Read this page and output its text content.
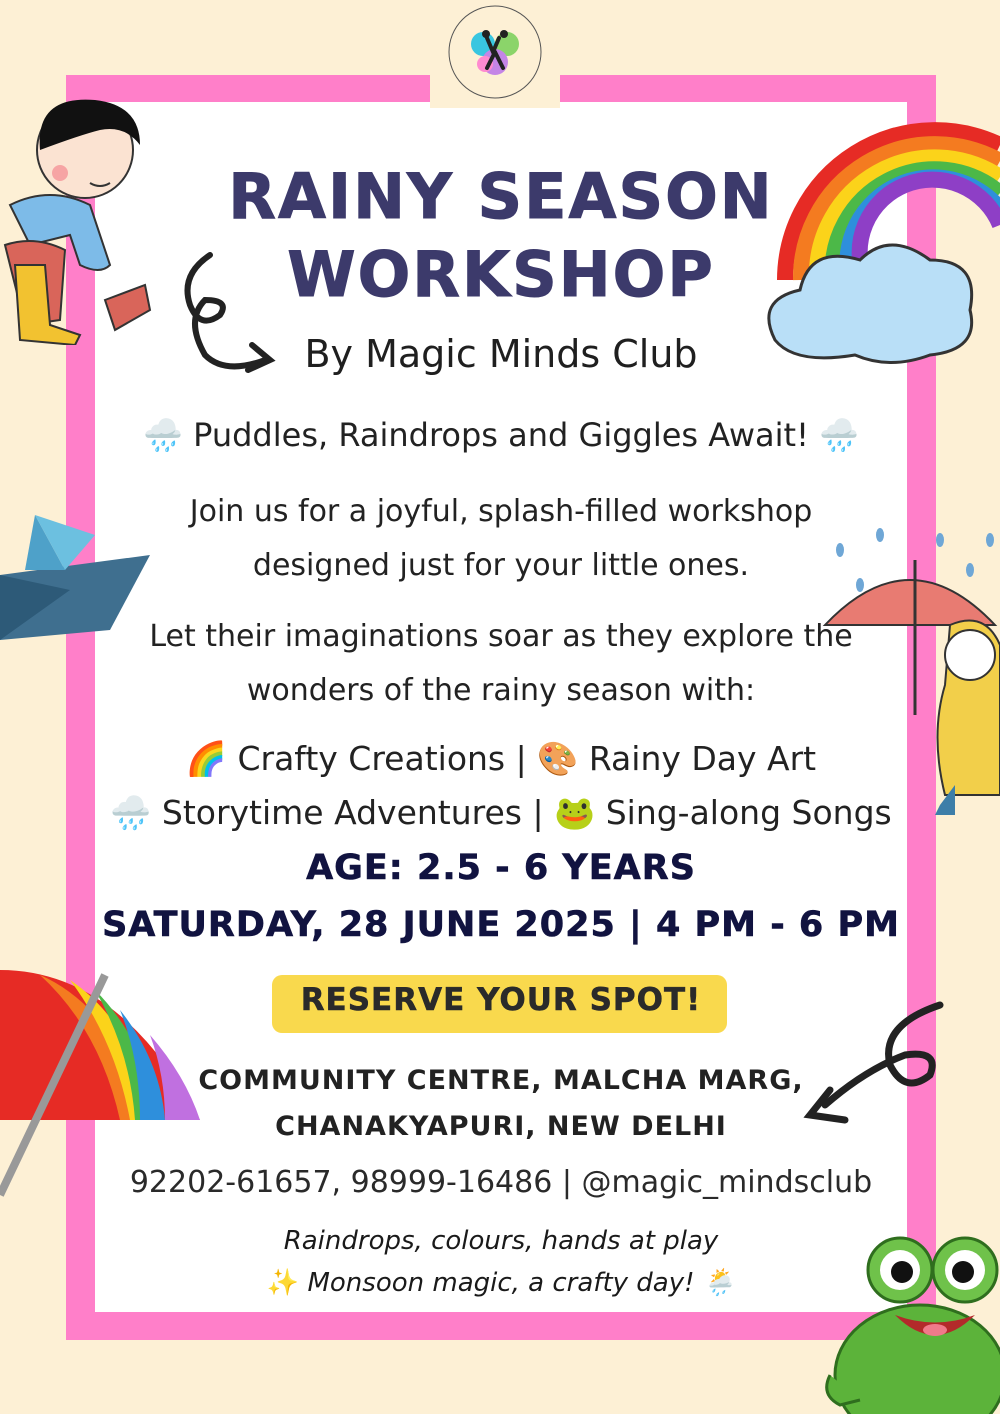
RAINY SEASON
WORKSHOP

By Magic Minds Club

🌧️ Puddles, Raindrops and Giggles Await! 🌧️

Join us for a joyful, splash-filled workshop
designed just for your little ones.

Let their imaginations soar as they explore the
wonders of the rainy season with:

🌈 Crafty Creations | 🎨 Rainy Day Art
🌧️ Storytime Adventures | 🐸 Sing-along Songs

AGE: 2.5 - 6 YEARS

SATURDAY, 28 JUNE 2025 | 4 PM - 6 PM

RESERVE YOUR SPOT!

COMMUNITY CENTRE, MALCHA MARG,
CHANAKYAPURI, NEW DELHI

92202-61657, 98999-16486 | @magic_mindsclub

Raindrops, colours, hands at play
✨ Monsoon magic, a crafty day! 🌦️
